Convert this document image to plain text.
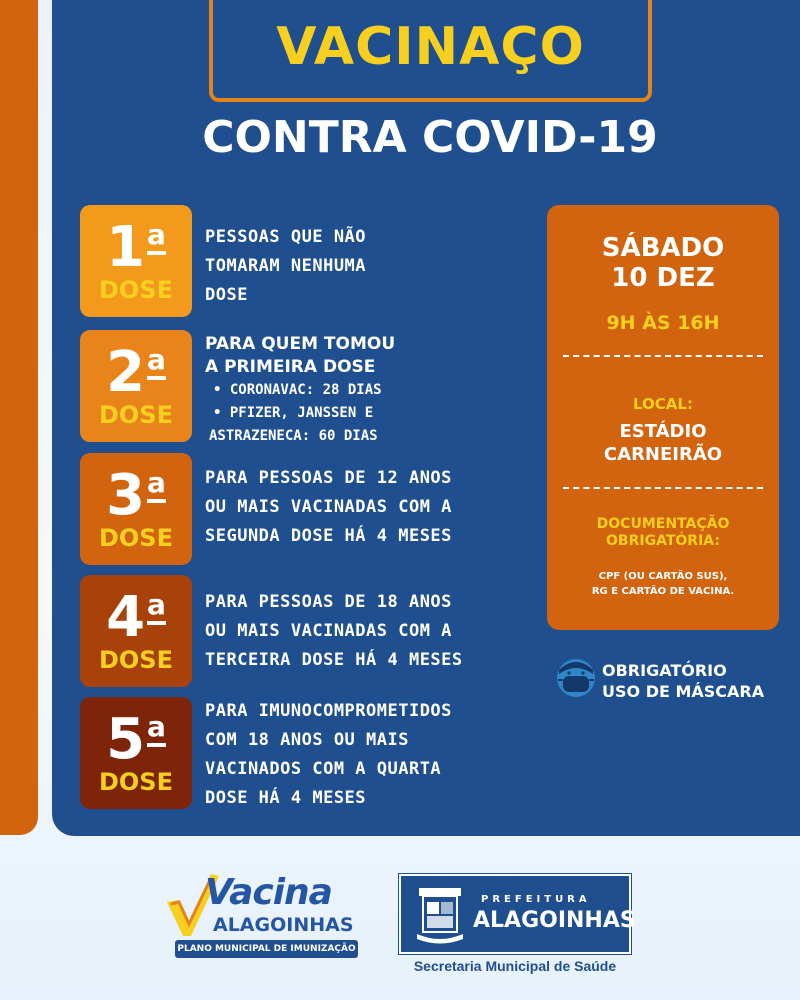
VACINAÇO
CONTRA COVID-19
1$^a$
DOSE
PESSOAS QUE NÃO
TOMARAM NENHUMA
DOSE
2$^a$
DOSE
PARA QUEM TOMOU
A PRIMEIRA DOSE
• CORONAVAC: 28 DIAS
• PFIZER, JANSSEN E
ASTRAZENECA: 60 DIAS
3$^a$
DOSE
PARA PESSOAS DE 12 ANOS
OU MAIS VACINADAS COM A
SEGUNDA DOSE HÁ 4 MESES
4$^a$
DOSE
PARA PESSOAS DE 18 ANOS
OU MAIS VACINADAS COM A
TERCEIRA DOSE HÁ 4 MESES
5$^a$
DOSE
PARA IMUNOCOMPROMETIDOS
COM 18 ANOS OU MAIS
VACINADOS COM A QUARTA
DOSE HÁ 4 MESES
SÁBADO
10 DEZ
9H ÀS 16H
LOCAL:
ESTÁDIO
CARNEIRÃO
DOCUMENTAÇÃO
OBRIGATÓRIA:
CPF (OU CARTÃO SUS),
RG E CARTÃO DE VACINA.
OBRIGATÓRIO
USO DE MÁSCARA
Vacina
ALAGOINHAS
PLANO MUNICIPAL DE IMUNIZAÇÃO
PREFEITURA
ALAGOINHAS
Secretaria Municipal de Saúde
